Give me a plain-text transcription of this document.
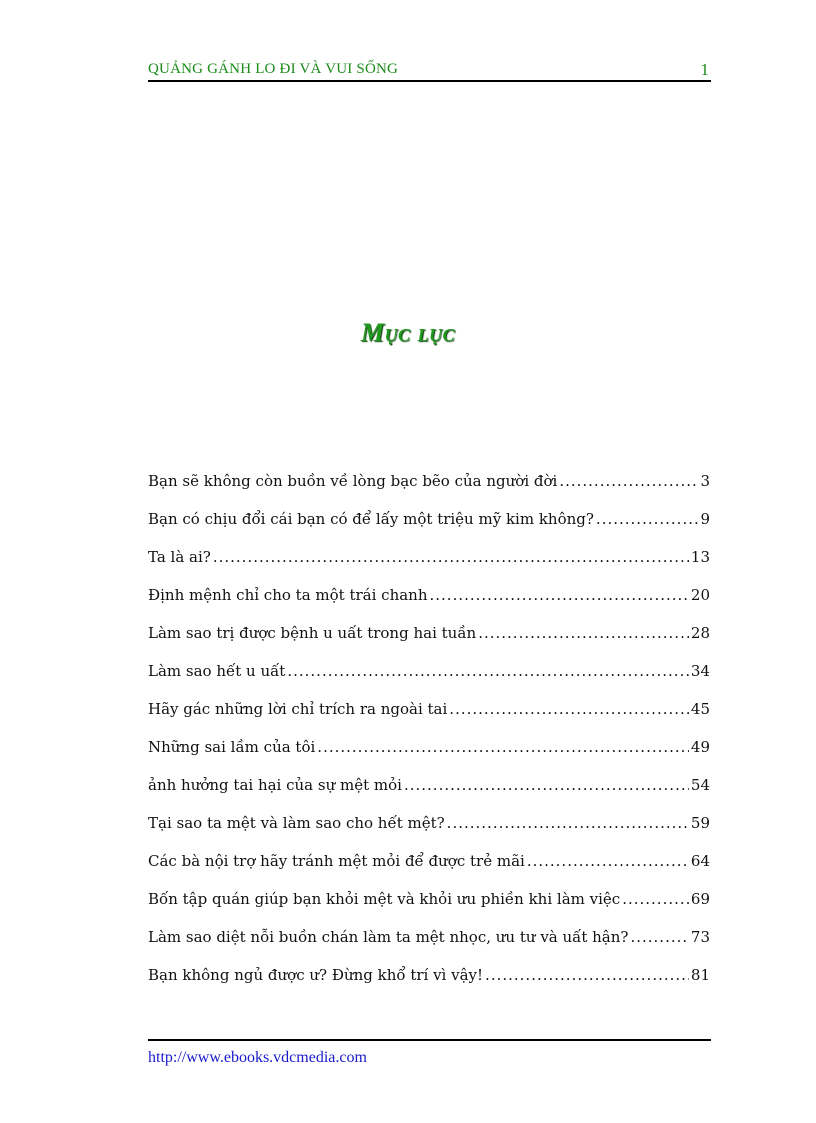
QUẢNG GÁNH LO ĐI VÀ VUI SỐNG	1
Mục lục
Bạn sẽ không còn buồn về lòng bạc bẽo của người đời .....	3
Bạn có chịu đổi cái bạn có để lấy một triệu mỹ kim không? .....	9
Ta là ai? .....	13
Định mệnh chỉ cho ta một trái chanh .....	20
Làm sao trị được bệnh u uất trong hai tuần .....	28
Làm sao hết u uất .....	34
Hãy gác những lời chỉ trích ra ngoài tai .....	45
Những sai lầm của tôi .....	49
ảnh hưởng tai hại của sự mệt mỏi .....	54
Tại sao ta mệt và làm sao cho hết mệt? .....	59
Các bà nội trợ hãy tránh mệt mỏi để được trẻ mãi .....	64
Bốn tập quán giúp bạn khỏi mệt và khỏi ưu phiền khi làm việc .....	69
Làm sao diệt nỗi buồn chán làm ta mệt nhọc, ưu tư và uất hận? .....	73
Bạn không ngủ được ư? Đừng khổ trí vì vậy! .....	81
http://www.ebooks.vdcmedia.com
